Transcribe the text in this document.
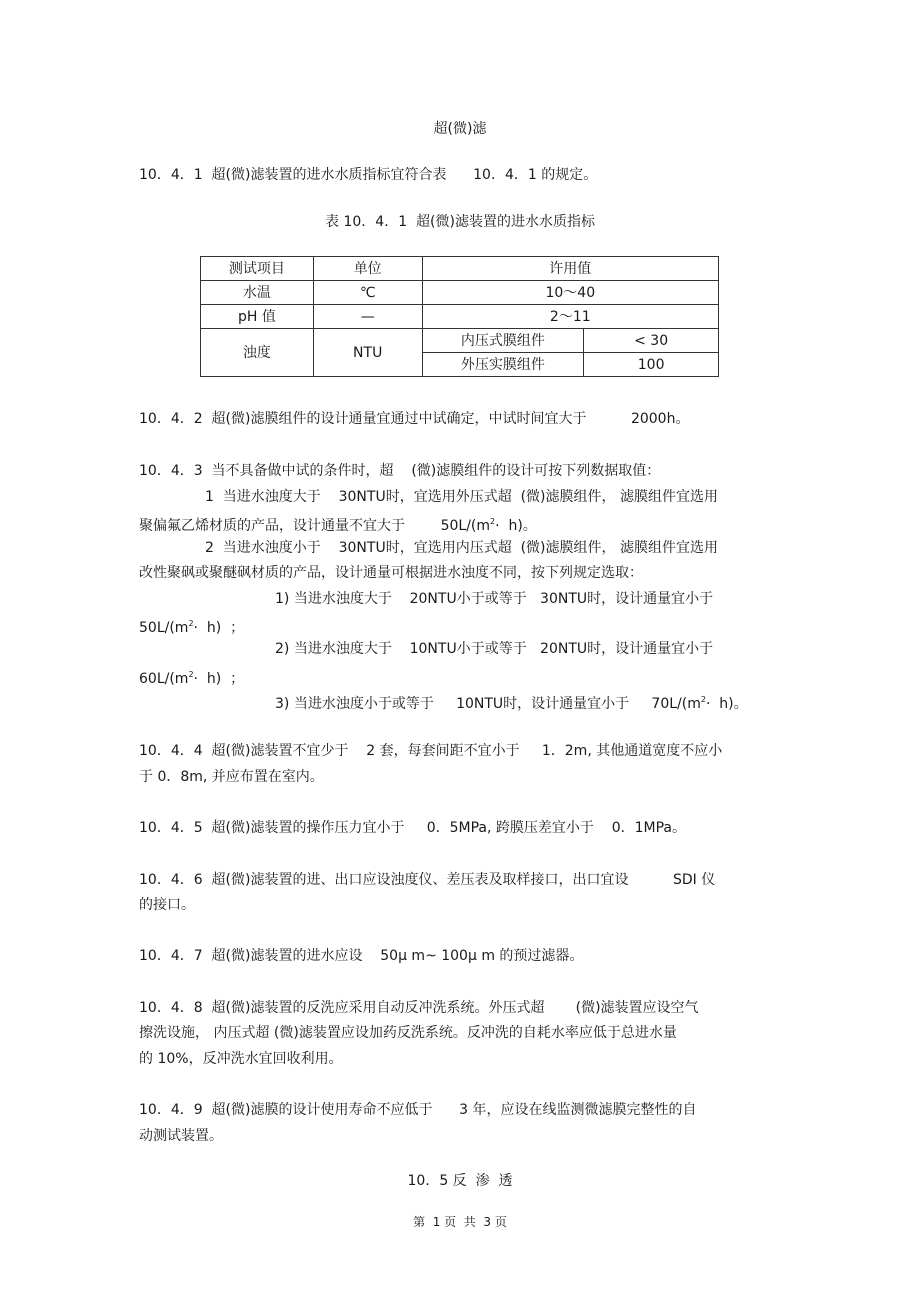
超(微)滤
10．4．1  超(微)滤装置的进水水质指标宜符合表      10．4．1 的规定。
表 10．4．1  超(微)滤装置的进水水质指标
测试项目	单位	许用值	
水温	℃	10～40	
pH 值	—	2～11	
浊度	NTU	内压式膜组件	< 30
		外压实膜组件	100
10．4．2  超(微)滤膜组件的设计通量宜通过中试确定，中试时间宜大于          2000h。
10．4．3  当不具备做中试的条件时，超    (微)滤膜组件的设计可按下列数据取值：
1  当进水浊度大于    30NTU时，宜选用外压式超  (微)滤膜组件， 滤膜组件宜选用
聚偏氟乙烯材质的产品，设计通量不宜大于        $50L/(m^2\cdot h)$。
2  当进水浊度小于    30NTU时，宜选用内压式超  (微)滤膜组件， 滤膜组件宜选用
改性聚砜或聚醚砜材质的产品，设计通量可根据进水浊度不同，按下列规定选取：
1) 当进水浊度大于    20NTU小于或等于   30NTU时，设计通量宜小于
$50L/(m^2\cdot h)$  ；
2) 当进水浊度大于    10NTU小于或等于   20NTU时，设计通量宜小于
$60L/(m^2\cdot h)$  ；
3) 当进水浊度小于或等于     10NTU时，设计通量宜小于     $70L/(m^2\cdot h)$。
10．4．4  超(微)滤装置不宜少于    2 套，每套间距不宜小于     1．2m, 其他通道宽度不应小
于 0．8m, 并应布置在室内。
10．4．5  超(微)滤装置的操作压力宜小于     0．5MPa, 跨膜压差宜小于    0．1MPa。
10．4．6  超(微)滤装置的进、出口应设浊度仪、差压表及取样接口，出口宜设          SDI 仪
的接口。
10．4．7  超(微)滤装置的进水应设    50μ m~ 100μ m 的预过滤器。
10．4．8  超(微)滤装置的反洗应采用自动反冲洗系统。外压式超       (微)滤装置应设空气
擦洗设施， 内压式超 (微)滤装置应设加药反洗系统。反冲洗的自耗水率应低于总进水量
的 10%，反冲洗水宜回收利用。
10．4．9  超(微)滤膜的设计使用寿命不应低于      3 年，应设在线监测微滤膜完整性的自
动测试装置。
10．5 反  渗  透
第  1 页  共  3 页
